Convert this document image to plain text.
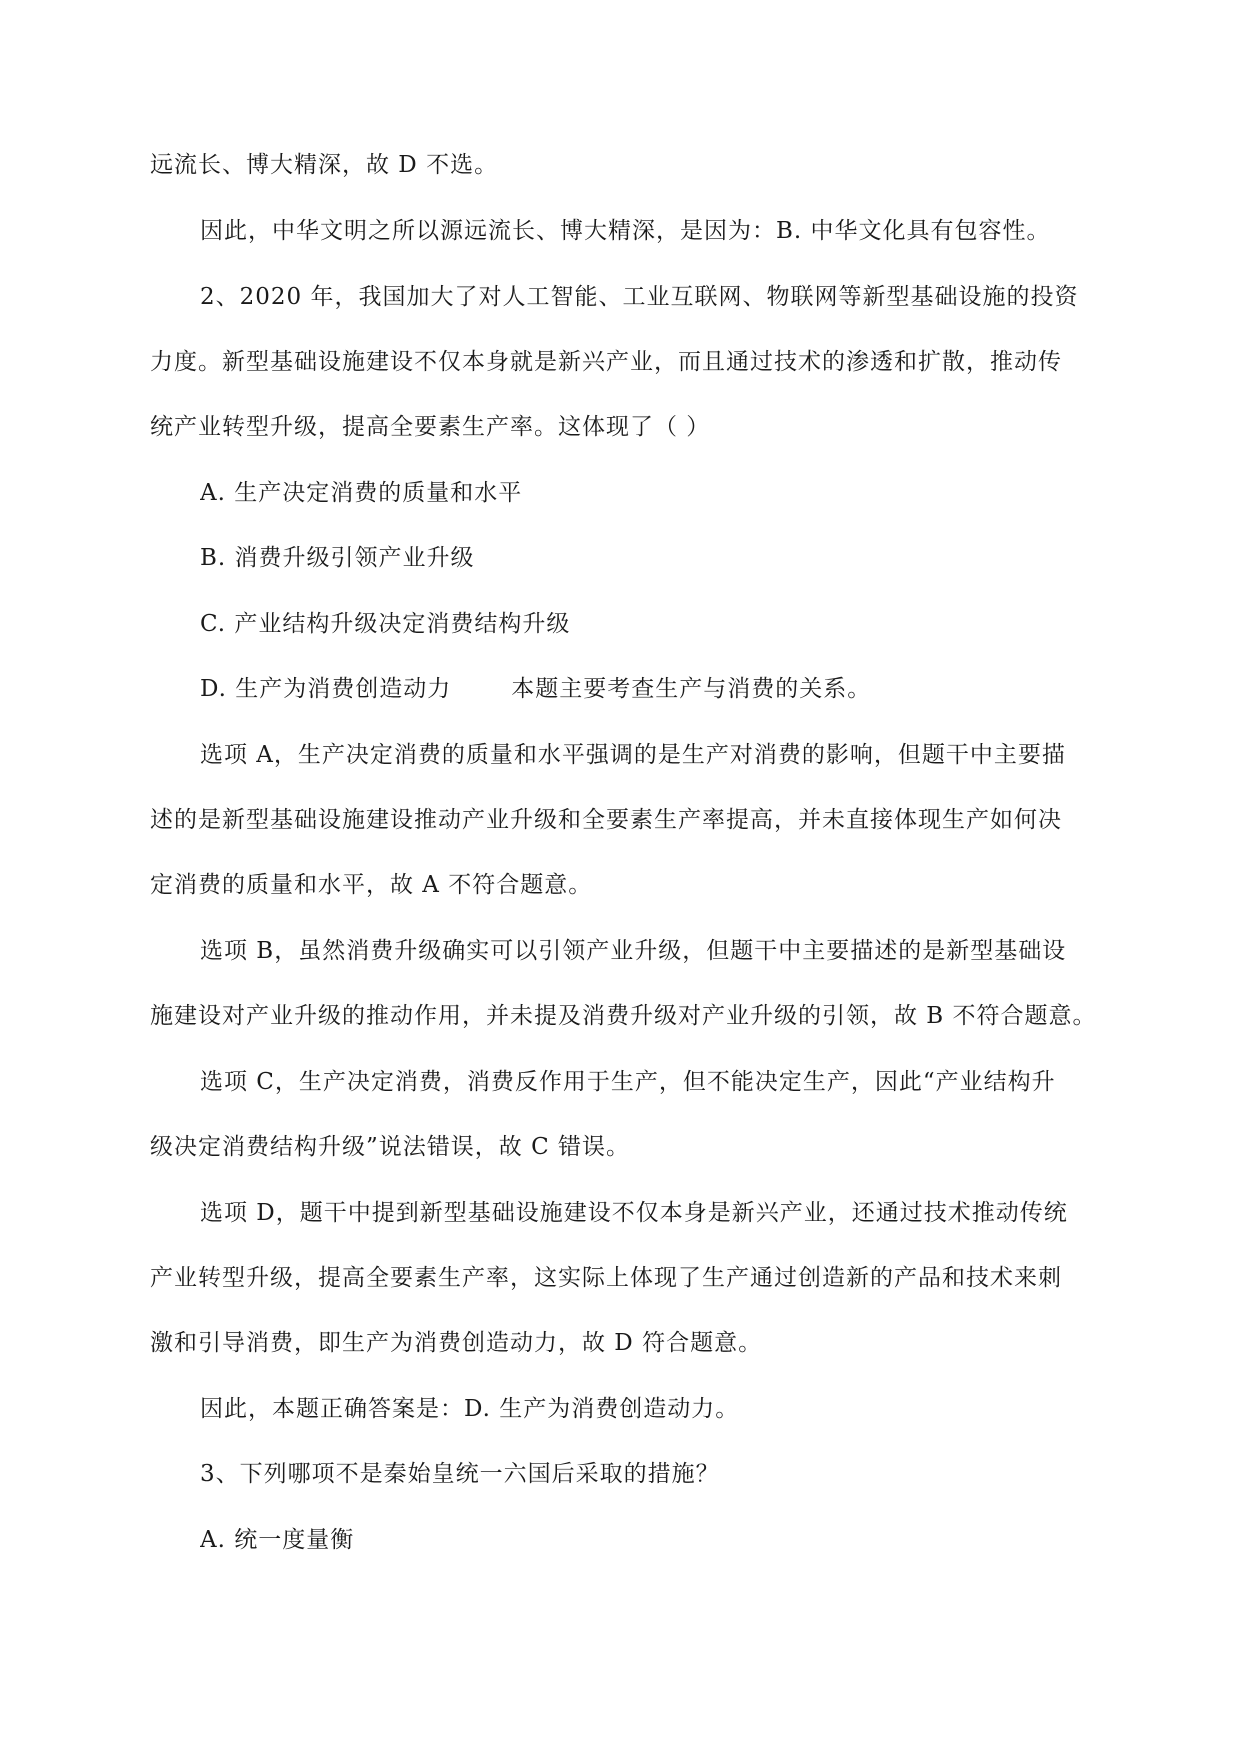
远流长、博大精深，故 D 不选。
因此，中华文明之所以源远流长、博大精深，是因为：B. 中华文化具有包容性。
2、2020 年，我国加大了对人工智能、工业互联网、物联网等新型基础设施的投资
力度。新型基础设施建设不仅本身就是新兴产业，而且通过技术的渗透和扩散，推动传
统产业转型升级，提高全要素生产率。这体现了（ ）
A. 生产决定消费的质量和水平
B. 消费升级引领产业升级
C. 产业结构升级决定消费结构升级
D. 生产为消费创造动力	本题主要考查生产与消费的关系。
选项 A，生产决定消费的质量和水平强调的是生产对消费的影响，但题干中主要描
述的是新型基础设施建设推动产业升级和全要素生产率提高，并未直接体现生产如何决
定消费的质量和水平，故 A 不符合题意。
选项 B，虽然消费升级确实可以引领产业升级，但题干中主要描述的是新型基础设
施建设对产业升级的推动作用，并未提及消费升级对产业升级的引领，故 B 不符合题意。
选项 C，生产决定消费，消费反作用于生产，但不能决定生产，因此“产业结构升
级决定消费结构升级”说法错误，故 C 错误。
选项 D，题干中提到新型基础设施建设不仅本身是新兴产业，还通过技术推动传统
产业转型升级，提高全要素生产率，这实际上体现了生产通过创造新的产品和技术来刺
激和引导消费，即生产为消费创造动力，故 D 符合题意。
因此，本题正确答案是：D. 生产为消费创造动力。
3、下列哪项不是秦始皇统一六国后采取的措施？
A. 统一度量衡
